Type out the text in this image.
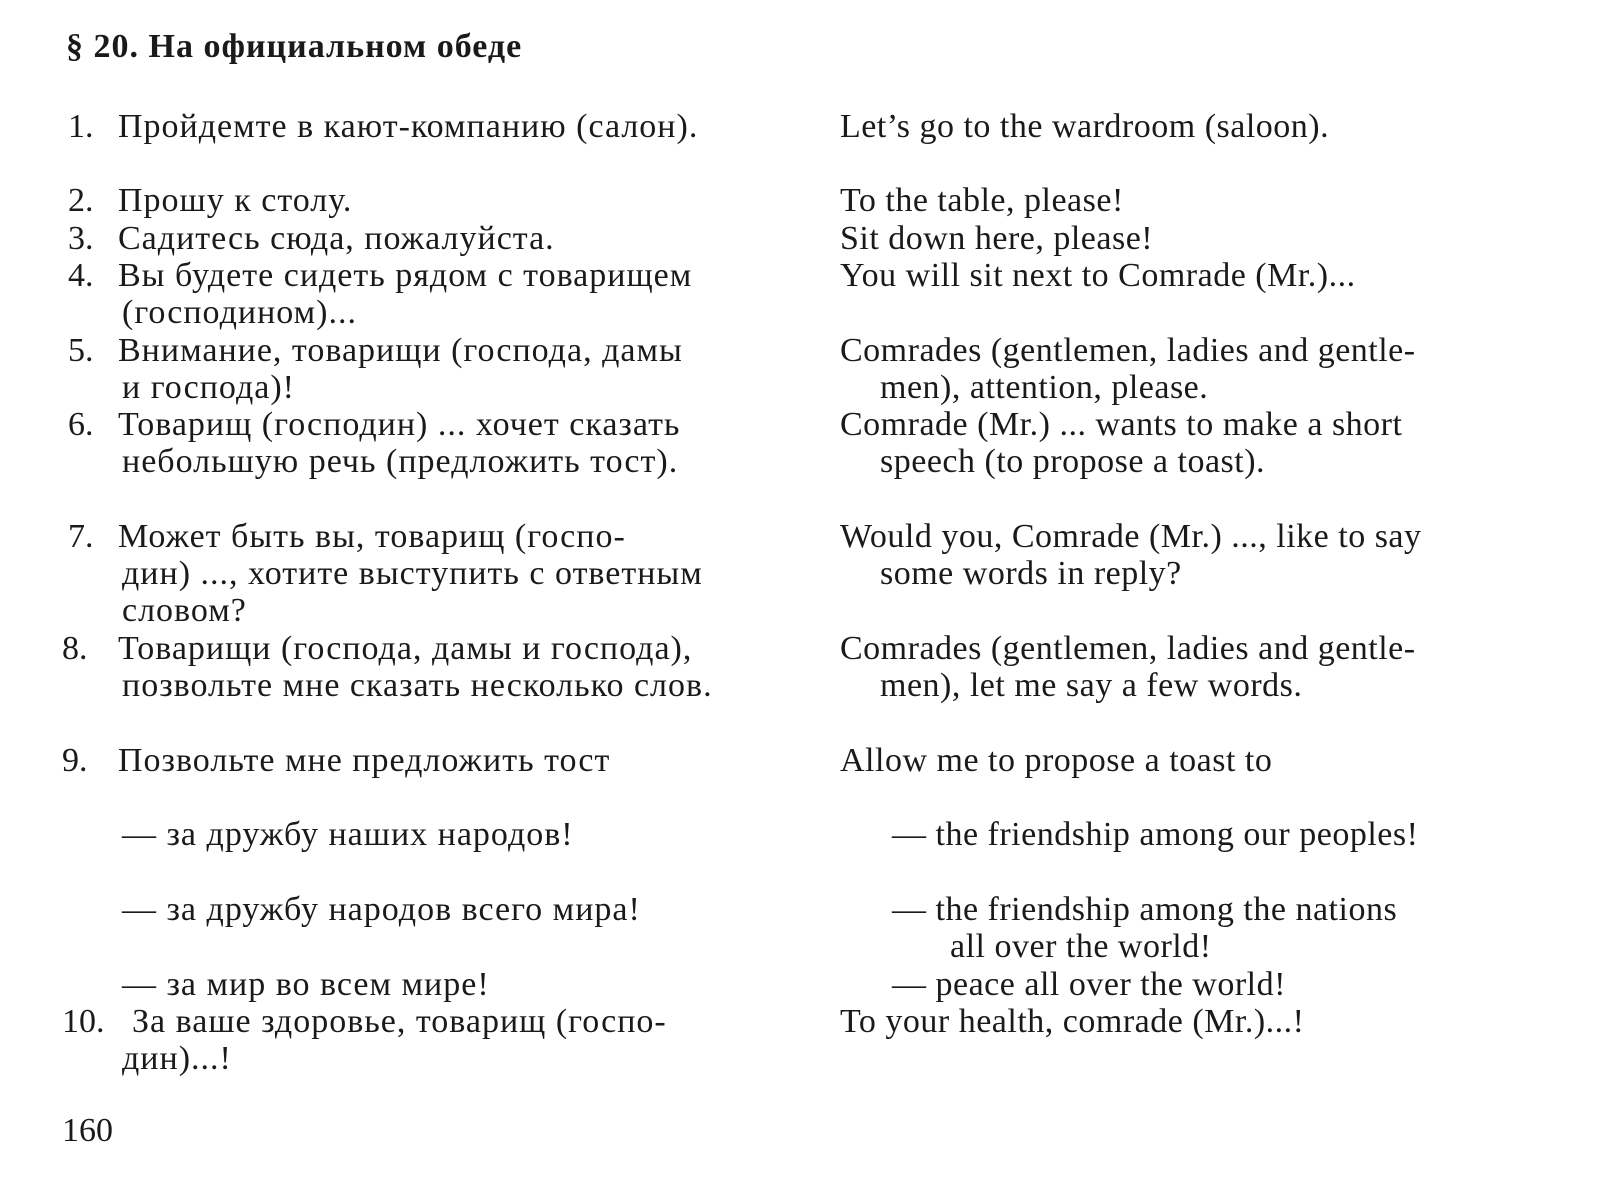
§ 20. На официальном обеде
1. Пройдемте в кают-компанию (салон).	Let’s go to the wardroom (saloon).
2. Прошу к столу.	To the table, please!
3. Садитесь сюда, пожалуйста.	Sit down here, please!
4. Вы будете сидеть рядом с товарищем
(господином)...
You will sit next to Comrade (Mr.)...
5. Внимание, товарищи (господа, дамы
и господа)!
Comrades (gentlemen, ladies and gentle-
men), attention, please.
6. Товарищ (господин) ... хочет сказать
небольшую речь (предложить тост).
Comrade (Mr.) ... wants to make a short
speech (to propose a toast).
7. Может быть вы, товарищ (госпо-
дин) ..., хотите выступить с ответным
словом?
Would you, Comrade (Mr.) ..., like to say
some words in reply?
8. Товарищи (господа, дамы и господа),
позвольте мне сказать несколько слов.
Comrades (gentlemen, ladies and gentle-
men), let me say a few words.
9. Позвольте мне предложить тост	Allow me to propose a toast to
— за дружбу наших народов!	— the friendship among our peoples!
— за дружбу народов всего мира!	— the friendship among the nations
all over the world!
— за мир во всем мире!	— peace all over the world!
10. За ваше здоровье, товарищ (госпо-
дин)...!
To your health, comrade (Mr.)...!
160
